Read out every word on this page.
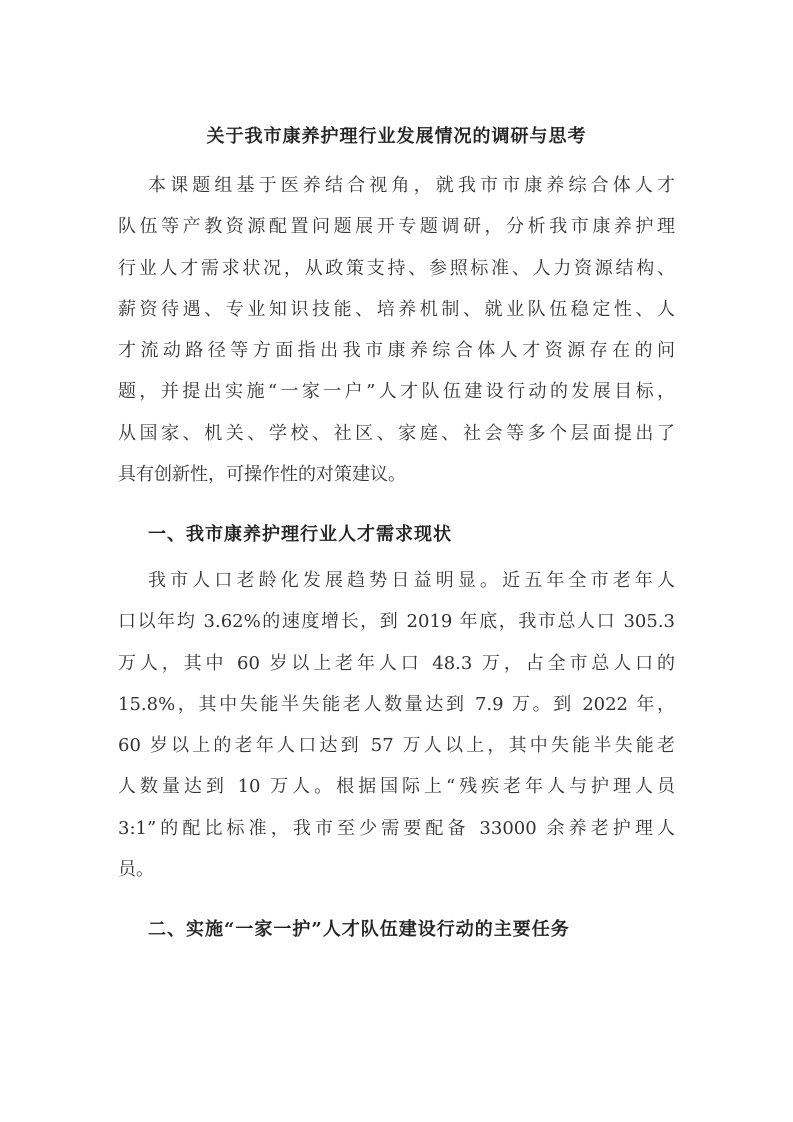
关于我市康养护理行业发展情况的调研与思考
本课题组基于医养结合视角，就我市市康养综合体人才
队伍等产教资源配置问题展开专题调研，分析我市康养护理
行业人才需求状况，从政策支持、参照标准、人力资源结构、
薪资待遇、专业知识技能、培养机制、就业队伍稳定性、人
才流动路径等方面指出我市康养综合体人才资源存在的问
题，并提出实施“一家一户”人才队伍建设行动的发展目标，
从国家、机关、学校、社区、家庭、社会等多个层面提出了
具有创新性，可操作性的对策建议。
一、我市康养护理行业人才需求现状
我市人口老龄化发展趋势日益明显。近五年全市老年人
口以年均 3.62%的速度增长，到 2019 年底，我市总人口 305.3
万人，其中 60 岁以上老年人口 48.3 万，占全市总人口的
15.8%，其中失能半失能老人数量达到 7.9 万。到 2022 年，
60 岁以上的老年人口达到 57 万人以上，其中失能半失能老
人数量达到 10 万人。根据国际上“残疾老年人与护理人员
3:1”的配比标准，我市至少需要配备 33000 余养老护理人
员。
二、实施“一家一护”人才队伍建设行动的主要任务
